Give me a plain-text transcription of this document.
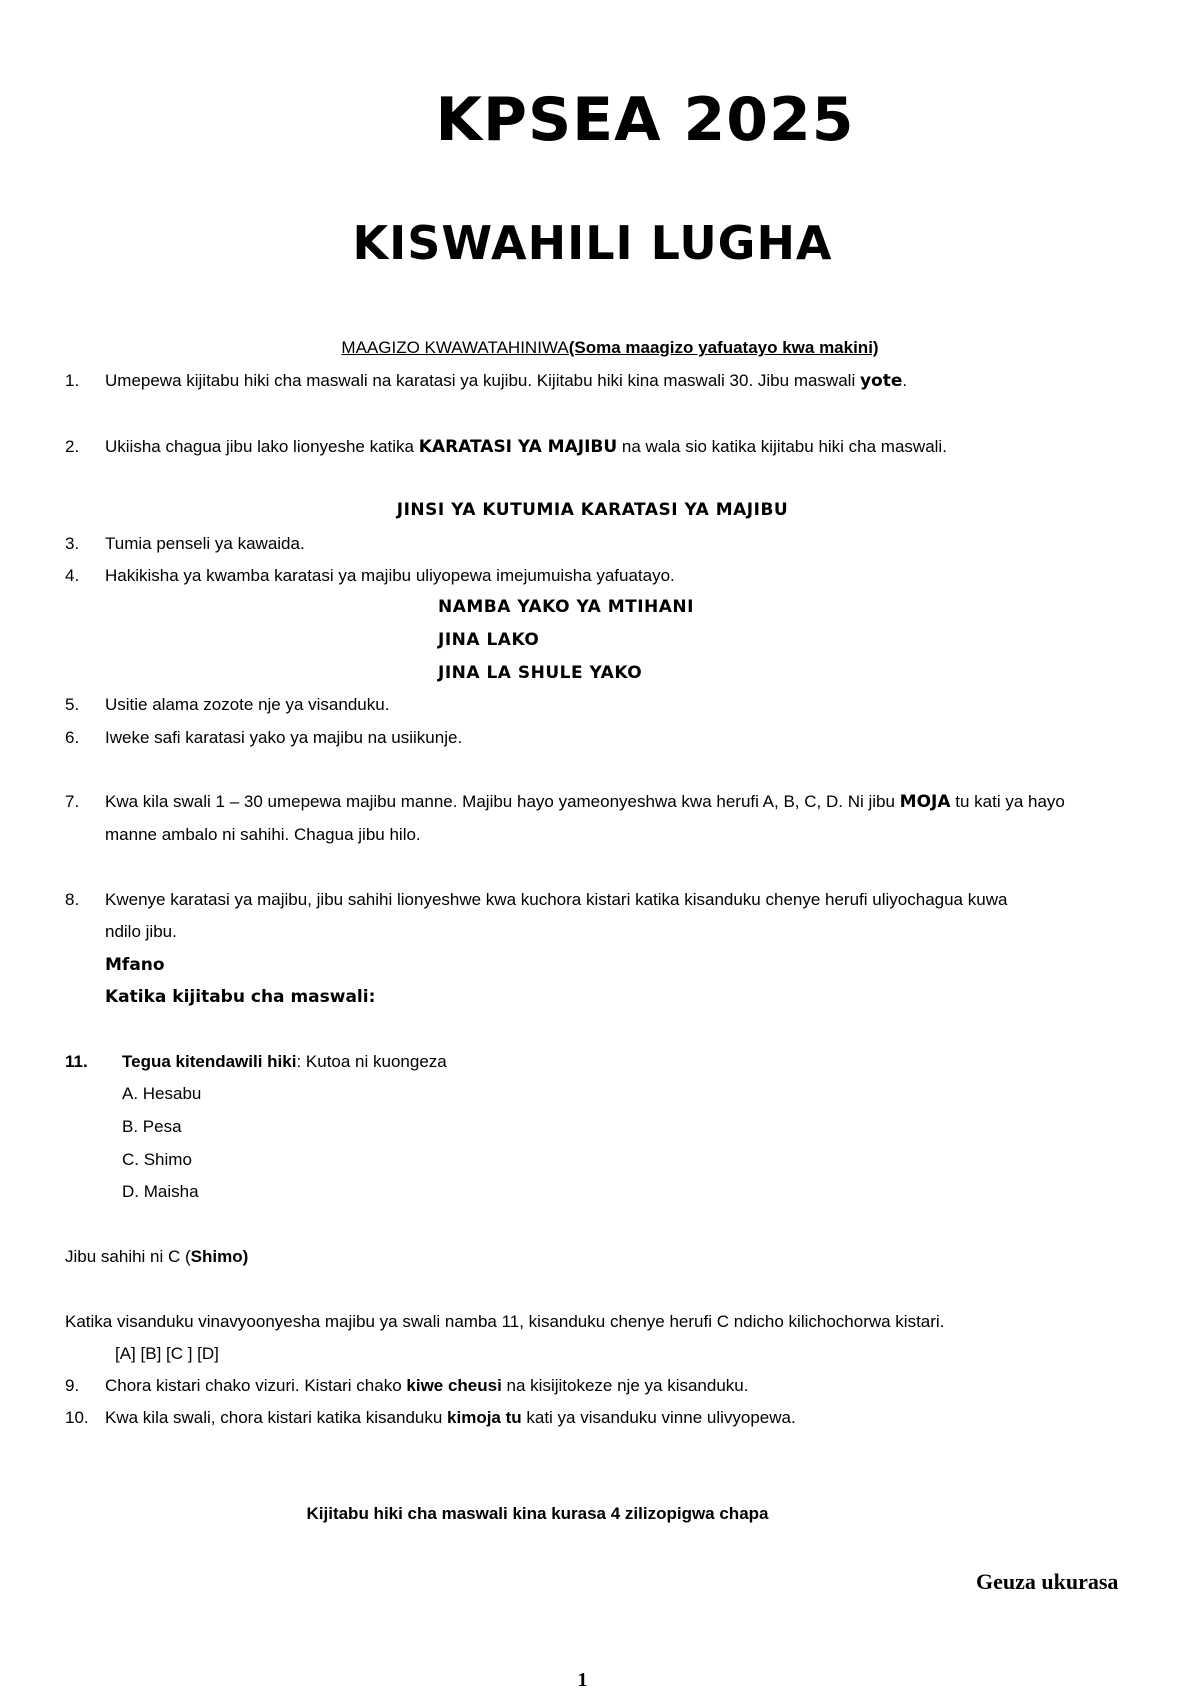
KPSEA 2025
KISWAHILI LUGHA
MAAGIZO KWAWATAHINIWA(Soma maagizo yafuatayo kwa makini)
1. Umepewa kijitabu hiki cha maswali na karatasi ya kujibu. Kijitabu hiki kina maswali 30. Jibu maswali yote.
2. Ukiisha chagua jibu lako lionyeshe katika KARATASI YA MAJIBU na wala sio katika kijitabu hiki cha maswali.
JINSI YA KUTUMIA KARATASI YA MAJIBU
3. Tumia penseli ya kawaida.
4. Hakikisha ya kwamba karatasi ya majibu uliyopewa imejumuisha yafuatayo.
NAMBA YAKO YA MTIHANI
JINA LAKO
JINA LA SHULE YAKO
5. Usitie alama zozote nje ya visanduku.
6. Iweke safi karatasi yako ya majibu na usiikunje.
7. Kwa kila swali 1 – 30 umepewa majibu manne. Majibu hayo yameonyeshwa kwa herufi A, B, C, D. Ni jibu MOJA tu kati ya hayo
manne ambalo ni sahihi. Chagua jibu hilo.
8. Kwenye karatasi ya majibu, jibu sahihi lionyeshwe kwa kuchora kistari katika kisanduku chenye herufi uliyochagua kuwa
ndilo jibu.
Mfano
Katika kijitabu cha maswali:
11. Tegua kitendawili hiki: Kutoa ni kuongeza
A. Hesabu
B. Pesa
C. Shimo
D. Maisha
Jibu sahihi ni C (Shimo)
Katika visanduku vinavyoonyesha majibu ya swali namba 11, kisanduku chenye herufi C ndicho kilichochorwa kistari.
[A] [B] [C ] [D]
9. Chora kistari chako vizuri. Kistari chako kiwe cheusi na kisijitokeze nje ya kisanduku.
10. Kwa kila swali, chora kistari katika kisanduku kimoja tu kati ya visanduku vinne ulivyopewa.
Kijitabu hiki cha maswali kina kurasa 4 zilizopigwa chapa
Geuza ukurasa
1
